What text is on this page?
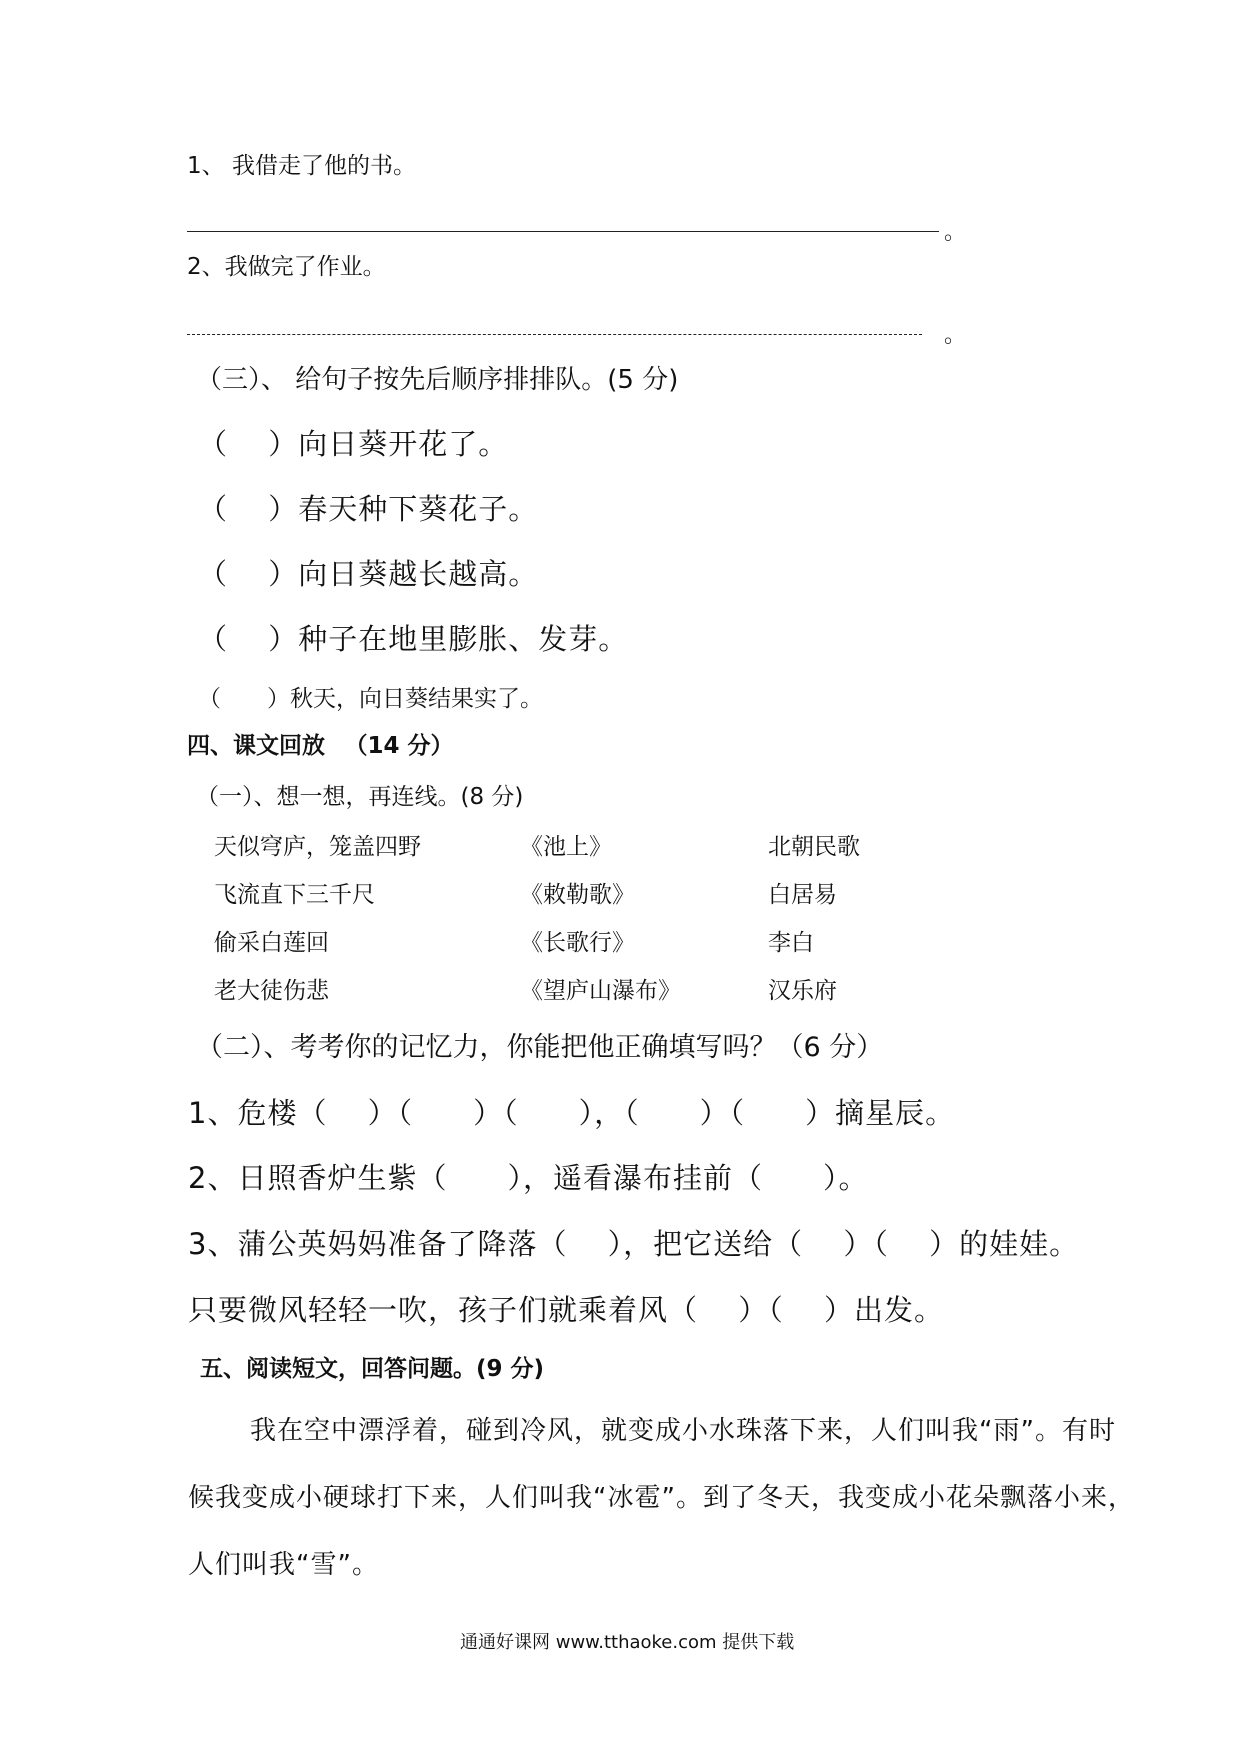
1、 我借走了他的书。
。
2、我做完了作业。
。
（三）、 给句子按先后顺序排排队。(5 分)
（　 ）向日葵开花了。
（　 ）春天种下葵花子。
（　 ）向日葵越长越高。
（　 ）种子在地里膨胀、发芽。
（　　）秋天，向日葵结果实了。
四、课文回放 　（14 分）
（一）、想一想，再连线。(8 分)
天似穹庐，笼盖四野	《池上》	北朝民歌
飞流直下三千尺	《敕勒歌》	白居易
偷采白莲回	《长歌行》	李白
老大徒伤悲	《望庐山瀑布》	汉乐府
（二）、考考你的记忆力，你能把他正确填写吗？（6 分）
1、危楼（　 ）（　　）（　　），（　　）（　　）摘星辰。
2、日照香炉生紫（　　），遥看瀑布挂前（　　）。
3、蒲公英妈妈准备了降落（　 ），把它送给（　 ）（　 ）的娃娃。
只要微风轻轻一吹，孩子们就乘着风（　 ）（　 ）出发。
五、阅读短文，回答问题。(9 分)
我在空中漂浮着，碰到冷风，就变成小水珠落下来，人们叫我“雨”。有时
候我变成小硬球打下来，人们叫我“冰雹”。到了冬天，我变成小花朵飘落小来，
人们叫我“雪”。
通通好课网 www.tthaoke.com 提供下载
